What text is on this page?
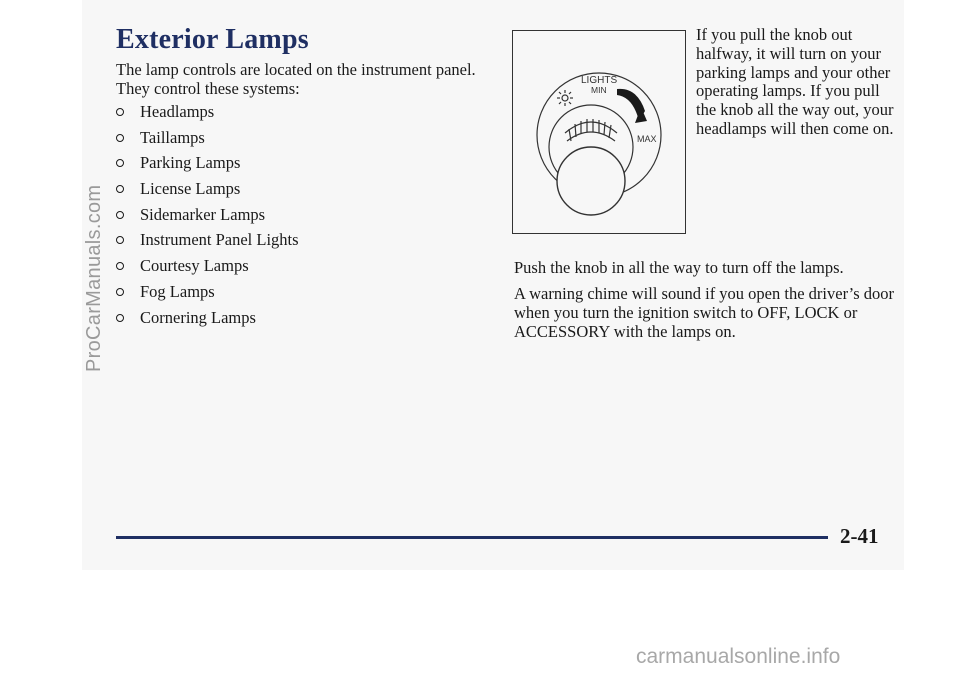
Exterior Lamps

The lamp controls are located on the instrument panel. They control these systems:

Headlamps
Taillamps
Parking Lamps
License Lamps
Sidemarker Lamps
Instrument Panel Lights
Courtesy Lamps
Fog Lamps
Cornering Lamps
LIGHTS
MIN
MAX

If you pull the knob out halfway, it will turn on your parking lamps and your other operating lamps. If you pull the knob all the way out, your headlamps will then come on.

Push the knob in all the way to turn off the lamps.

A warning chime will sound if you open the driver’s door when you turn the ignition switch to OFF, LOCK or ACCESSORY with the lamps on.

2-41
ProCarManuals.com
carmanualsonline.info
